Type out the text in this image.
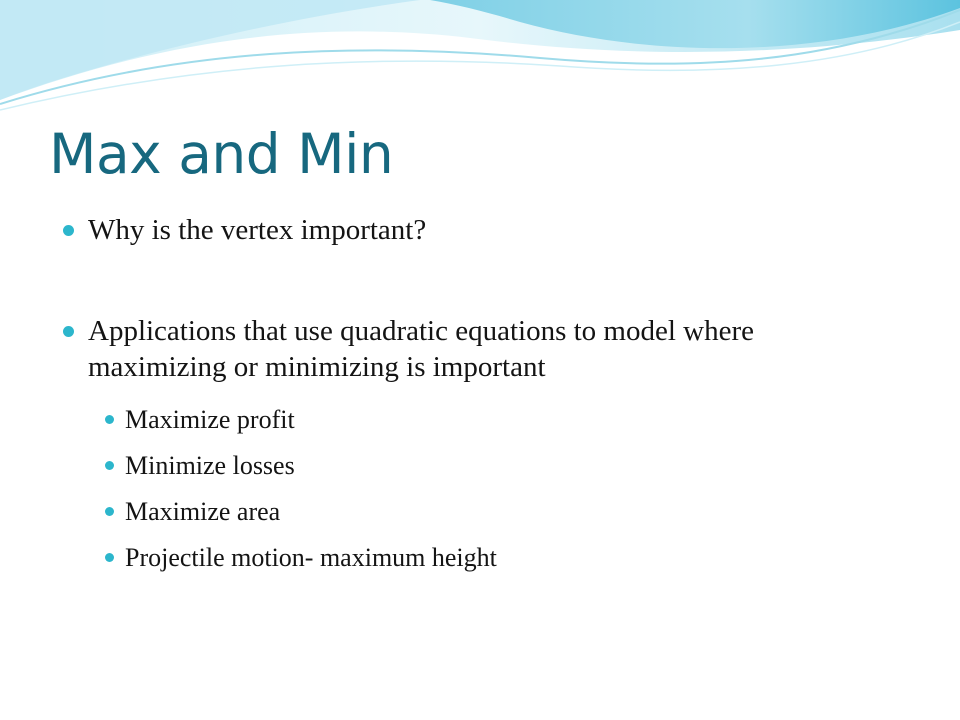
Max and Min
Why is the vertex important?
Applications that use quadratic equations to model where maximizing or minimizing is important
Maximize profit
Minimize losses
Maximize area
Projectile motion- maximum height
